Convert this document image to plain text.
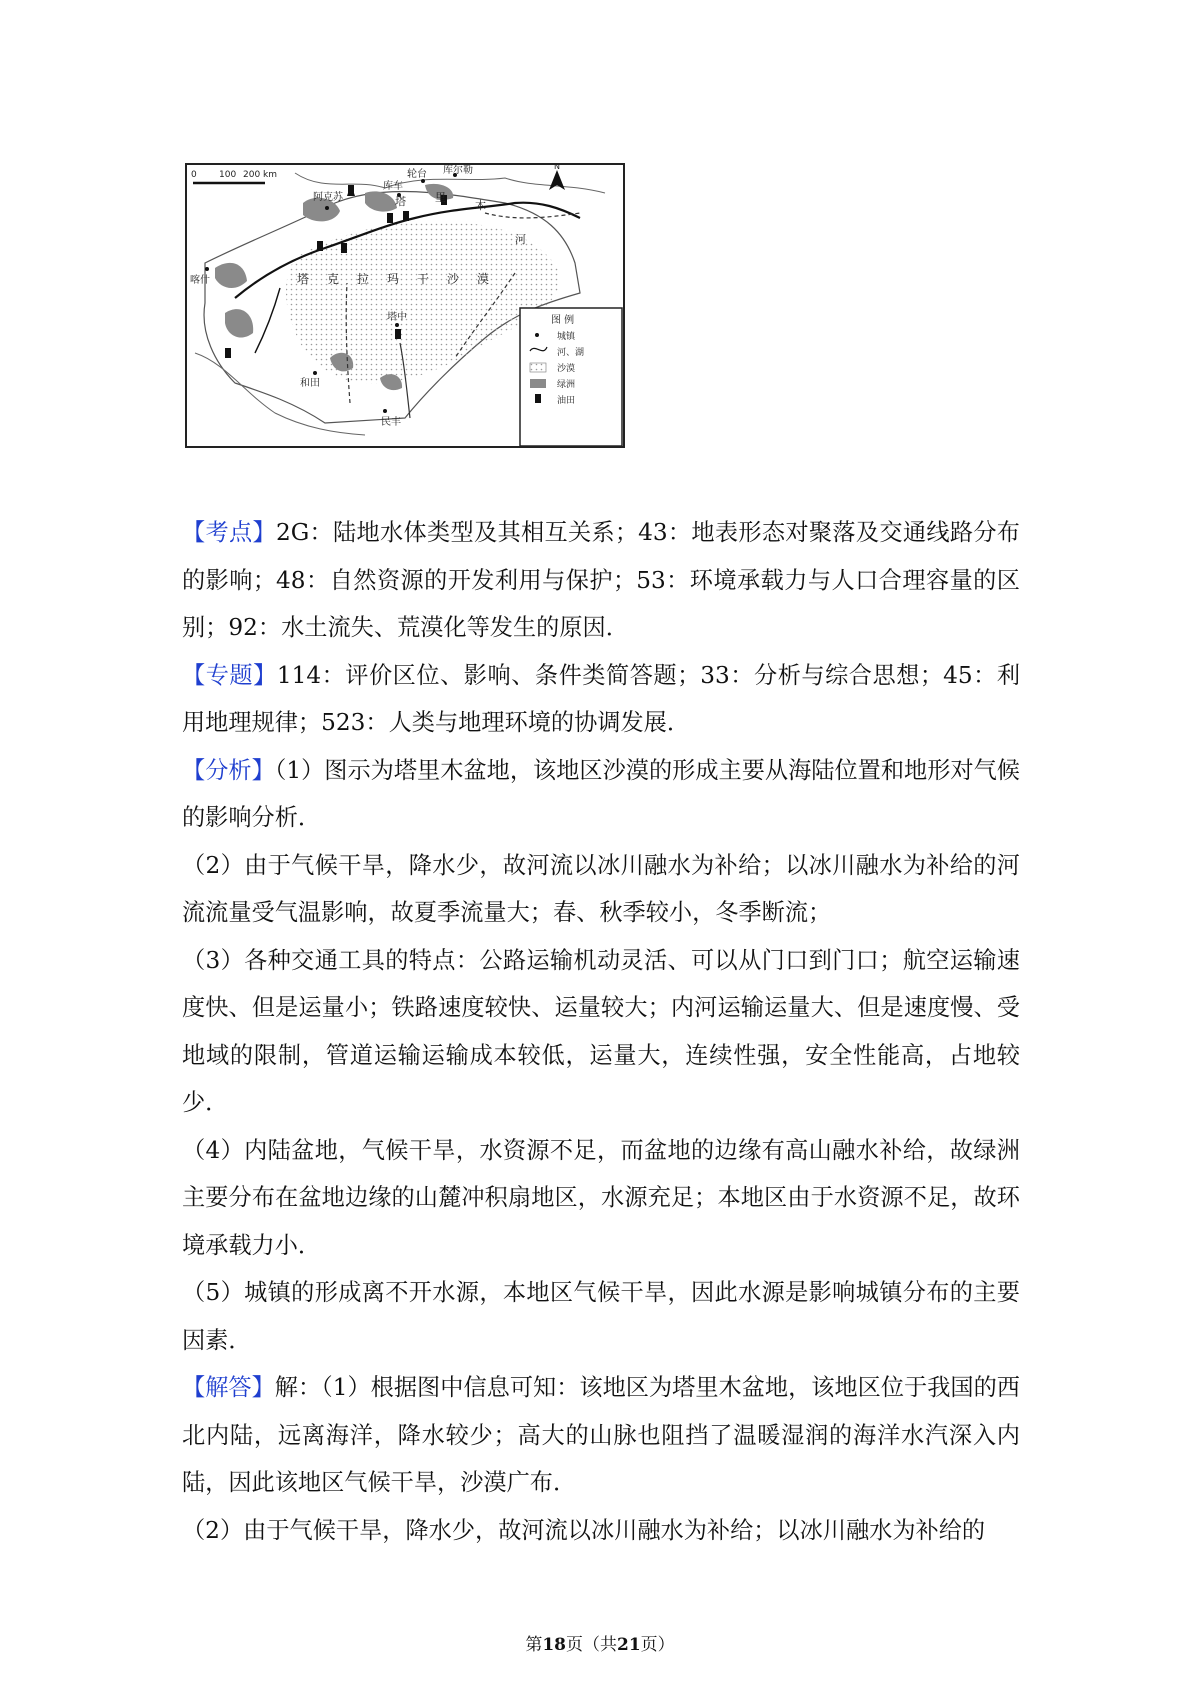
0 100 200 km
N
阿克苏
喀什
库车
轮台 库尔勒
塔中
和田
民丰
塔 克 拉 玛 干 沙 漠
塔	里
木
河
图 例
城镇
河、湖
沙漠
绿洲
油田

【考点】2G：陆地水体类型及其相互关系；43：地表形态对聚落及交通线路分布的影响；48：自然资源的开发利用与保护；53：环境承载力与人口合理容量的区别；92：水土流失、荒漠化等发生的原因．

【专题】114：评价区位、影响、条件类简答题；33：分析与综合思想；45：利用地理规律；523：人类与地理环境的协调发展．

【分析】（1）图示为塔里木盆地，该地区沙漠的形成主要从海陆位置和地形对气候的影响分析．

（2）由于气候干旱，降水少，故河流以冰川融水为补给；以冰川融水为补给的河流流量受气温影响，故夏季流量大；春、秋季较小，冬季断流；

（3）各种交通工具的特点：公路运输机动灵活、可以从门口到门口；航空运输速度快、但是运量小；铁路速度较快、运量较大；内河运输运量大、但是速度慢、受地域的限制，管道运输运输成本较低，运量大，连续性强，安全性能高，占地较少．

（4）内陆盆地，气候干旱，水资源不足，而盆地的边缘有高山融水补给，故绿洲主要分布在盆地边缘的山麓冲积扇地区，水源充足；本地区由于水资源不足，故环境承载力小．

（5）城镇的形成离不开水源，本地区气候干旱，因此水源是影响城镇分布的主要因素．

【解答】解：（1）根据图中信息可知：该地区为塔里木盆地，该地区位于我国的西北内陆，远离海洋，降水较少；高大的山脉也阻挡了温暖湿润的海洋水汽深入内陆，因此该地区气候干旱，沙漠广布．

（2）由于气候干旱，降水少，故河流以冰川融水为补给；以冰川融水为补给的

第18页（共21页）
